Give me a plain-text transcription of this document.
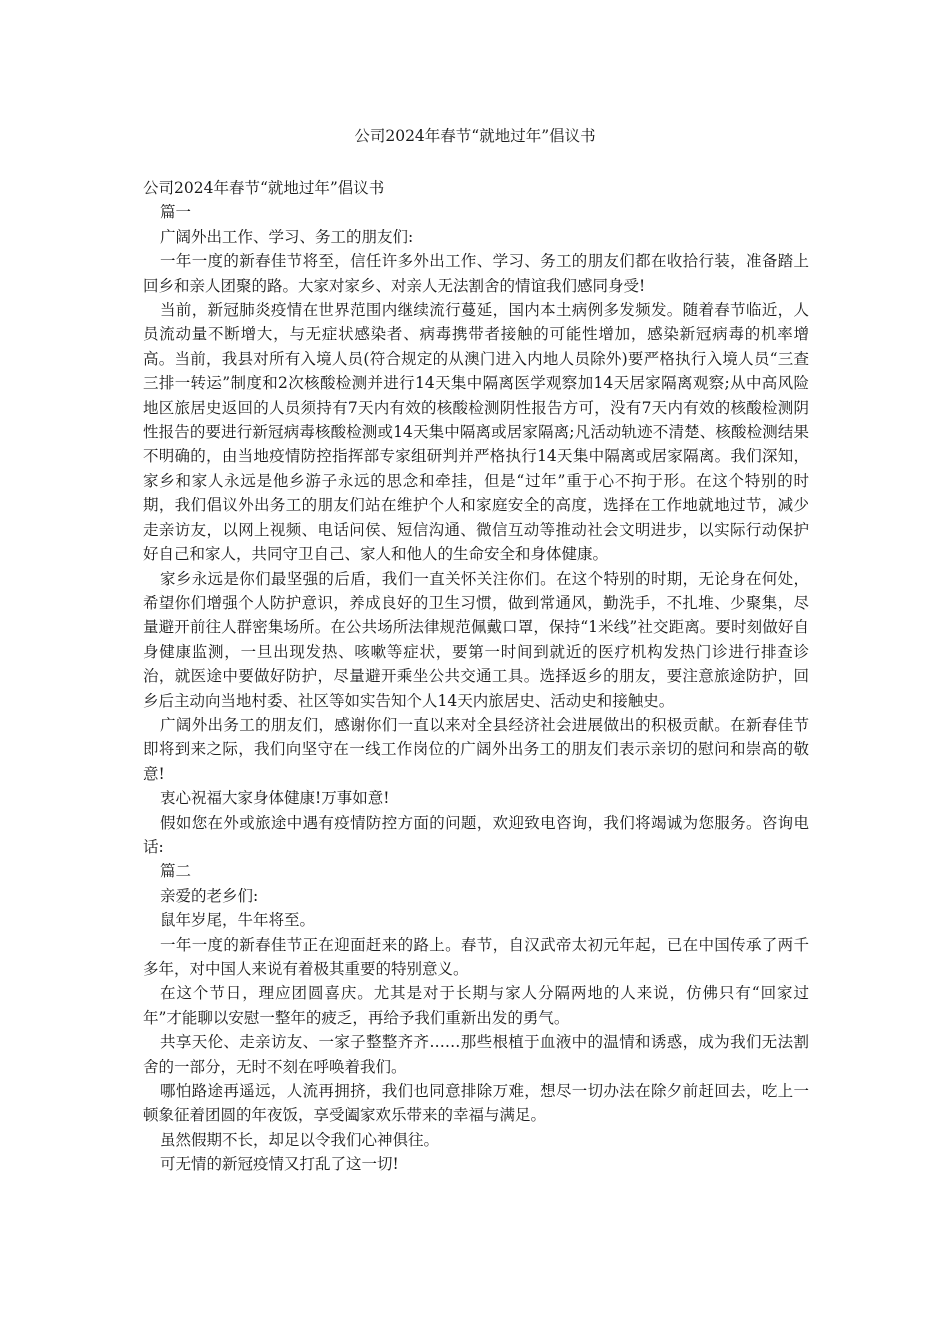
公司2024年春节“就地过年”倡议书

公司2024年春节“就地过年”倡议书

篇一

广阔外出工作、学习、务工的朋友们:

一年一度的新春佳节将至，信任许多外出工作、学习、务工的朋友们都在收拾行装，准备踏上回乡和亲人团聚的路。大家对家乡、对亲人无法割舍的情谊我们感同身受!

当前，新冠肺炎疫情在世界范围内继续流行蔓延，国内本土病例多发频发。随着春节临近，人员流动量不断增大，与无症状感染者、病毒携带者接触的可能性增加，感染新冠病毒的机率增高。当前，我县对所有入境人员(符合规定的从澳门进入内地人员除外)要严格执行入境人员“三查三排一转运”制度和2次核酸检测并进行14天集中隔离医学观察加14天居家隔离观察;从中高风险地区旅居史返回的人员须持有7天内有效的核酸检测阴性报告方可，没有7天内有效的核酸检测阴性报告的要进行新冠病毒核酸检测或14天集中隔离或居家隔离;凡活动轨迹不清楚、核酸检测结果不明确的，由当地疫情防控指挥部专家组研判并严格执行14天集中隔离或居家隔离。我们深知，家乡和家人永远是他乡游子永远的思念和牵挂，但是“过年”重于心不拘于形。在这个特别的时期，我们倡议外出务工的朋友们站在维护个人和家庭安全的高度，选择在工作地就地过节，减少走亲访友，以网上视频、电话问侯、短信沟通、微信互动等推动社会文明进步，以实际行动保护好自己和家人，共同守卫自己、家人和他人的生命安全和身体健康。

家乡永远是你们最坚强的后盾，我们一直关怀关注你们。在这个特别的时期，无论身在何处，希望你们增强个人防护意识，养成良好的卫生习惯，做到常通风，勤洗手，不扎堆、少聚集，尽量避开前往人群密集场所。在公共场所法律规范佩戴口罩，保持“1米线”社交距离。要时刻做好自身健康监测，一旦出现发热、咳嗽等症状，要第一时间到就近的医疗机构发热门诊进行排查诊治，就医途中要做好防护，尽量避开乘坐公共交通工具。选择返乡的朋友，要注意旅途防护，回乡后主动向当地村委、社区等如实告知个人14天内旅居史、活动史和接触史。

广阔外出务工的朋友们，感谢你们一直以来对全县经济社会进展做出的积极贡献。在新春佳节即将到来之际，我们向坚守在一线工作岗位的广阔外出务工的朋友们表示亲切的慰问和崇高的敬意!

衷心祝福大家身体健康!万事如意!

假如您在外或旅途中遇有疫情防控方面的问题，欢迎致电咨询，我们将竭诚为您服务。咨询电话:

篇二

亲爱的老乡们:

鼠年岁尾，牛年将至。

一年一度的新春佳节正在迎面赶来的路上。春节，自汉武帝太初元年起，已在中国传承了两千多年，对中国人来说有着极其重要的特别意义。

在这个节日，理应团圆喜庆。尤其是对于长期与家人分隔两地的人来说，仿佛只有“回家过年”才能聊以安慰一整年的疲乏，再给予我们重新出发的勇气。

共享天伦、走亲访友、一家子整整齐齐……那些根植于血液中的温情和诱惑，成为我们无法割舍的一部分，无时不刻在呼唤着我们。

哪怕路途再遥远，人流再拥挤，我们也同意排除万难，想尽一切办法在除夕前赶回去，吃上一顿象征着团圆的年夜饭，享受阖家欢乐带来的幸福与满足。

虽然假期不长，却足以令我们心神俱往。

可无情的新冠疫情又打乱了这一切!
